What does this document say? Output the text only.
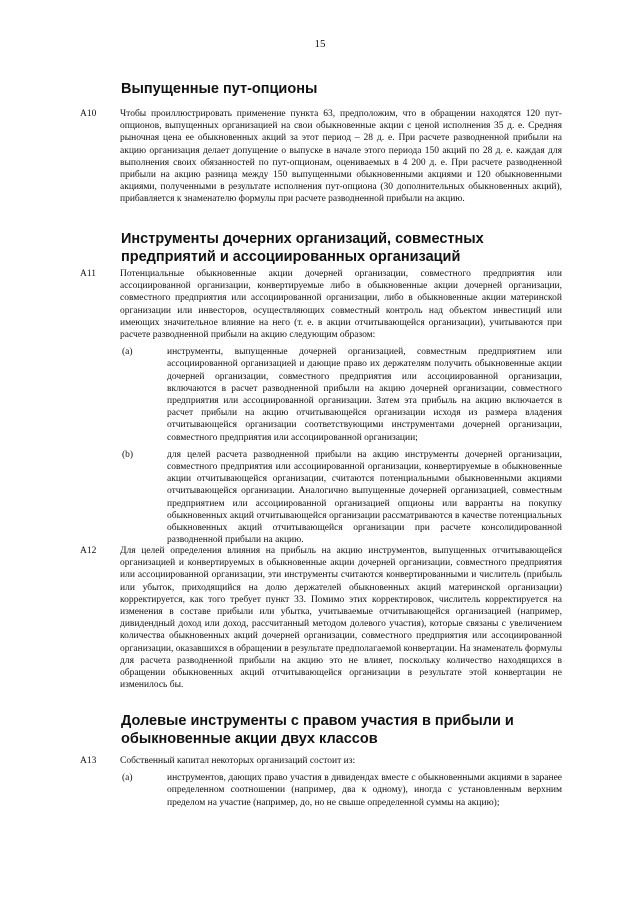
15
Выпущенные пут-опционы
A10 Чтобы проиллюстрировать применение пункта 63, предположим, что в обращении находятся 120 пут-опционов, выпущенных организацией на свои обыкновенные акции с ценой исполнения 35 д. е. Средняя рыночная цена ее обыкновенных акций за этот период – 28 д. е. При расчете разводненной прибыли на акцию организация делает допущение о выпуске в начале этого периода 150 акций по 28 д. е. каждая для выполнения своих обязанностей по пут-опционам, оцениваемых в 4 200 д. е. При расчете разводненной прибыли на акцию разница между 150 выпущенными обыкновенными акциями и 120 обыкновенными акциями, полученными в результате исполнения пут-опциона (30 дополнительных обыкновенных акций), прибавляется к знаменателю формулы при расчете разводненной прибыли на акцию.
Инструменты дочерних организаций, совместных предприятий и ассоциированных организаций
A11	Потенциальные обыкновенные акции дочерней организации, совместного предприятия или ассоциированной организации, конвертируемые либо в обыкновенные акции дочерней организации, совместного предприятия или ассоциированной организации, либо в обыкновенные акции материнской организации или инвесторов, осуществляющих совместный контроль над объектом инвестиций или имеющих значительное влияние на него (т. е. в акции отчитывающейся организации), учитываются при расчете разводненной прибыли на акцию следующим образом:
(a)	инструменты, выпущенные дочерней организацией, совместным предприятием или ассоциированной организацией и дающие право их держателям получить обыкновенные акции дочерней организации, совместного предприятия или ассоциированной организации, включаются в расчет разводненной прибыли на акцию дочерней организации, совместного предприятия или ассоциированной организации. Затем эта прибыль на акцию включается в расчет прибыли на акцию отчитывающейся организации исходя из размера владения отчитывающейся организации соответствующими инструментами дочерней организации, совместного предприятия или ассоциированной организации;
(b)	для целей расчета разводненной прибыли на акцию инструменты дочерней организации, совместного предприятия или ассоциированной организации, конвертируемые в обыкновенные акции отчитывающейся организации, считаются потенциальными обыкновенными акциями отчитывающейся организации. Аналогично выпущенные дочерней организацией, совместным предприятием или ассоциированной организацией опционы или варранты на покупку обыкновенных акций отчитывающейся организации рассматриваются в качестве потенциальных обыкновенных акций отчитывающейся организации при расчете консолидированной разводненной прибыли на акцию.
A12 Для целей определения влияния на прибыль на акцию инструментов, выпущенных отчитывающейся организацией и конвертируемых в обыкновенные акции дочерней организации, совместного предприятия или ассоциированной организации, эти инструменты считаются конвертированными и числитель (прибыль или убыток, приходящийся на долю держателей обыкновенных акций материнской организации) корректируется, как того требует пункт 33. Помимо этих корректировок, числитель корректируется на изменения в составе прибыли или убытка, учитываемые отчитывающейся организацией (например, дивидендный доход или доход, рассчитанный методом долевого участия), которые связаны с увеличением количества обыкновенных акций дочерней организации, совместного предприятия или ассоциированной организации, оказавшихся в обращении в результате предполагаемой конвертации. На знаменатель формулы для расчета разводненной прибыли на акцию это не влияет, поскольку количество находящихся в обращении обыкновенных акций отчитывающейся организации в результате этой конвертации не изменилось бы.
Долевые инструменты с правом участия в прибыли и обыкновенные акции двух классов
A13 Собственный капитал некоторых организаций состоит из:
(a)	инструментов, дающих право участия в дивидендах вместе с обыкновенными акциями в заранее определенном соотношении (например, два к одному), иногда с установленным верхним пределом на участие (например, до, но не свыше определенной суммы на акцию);
